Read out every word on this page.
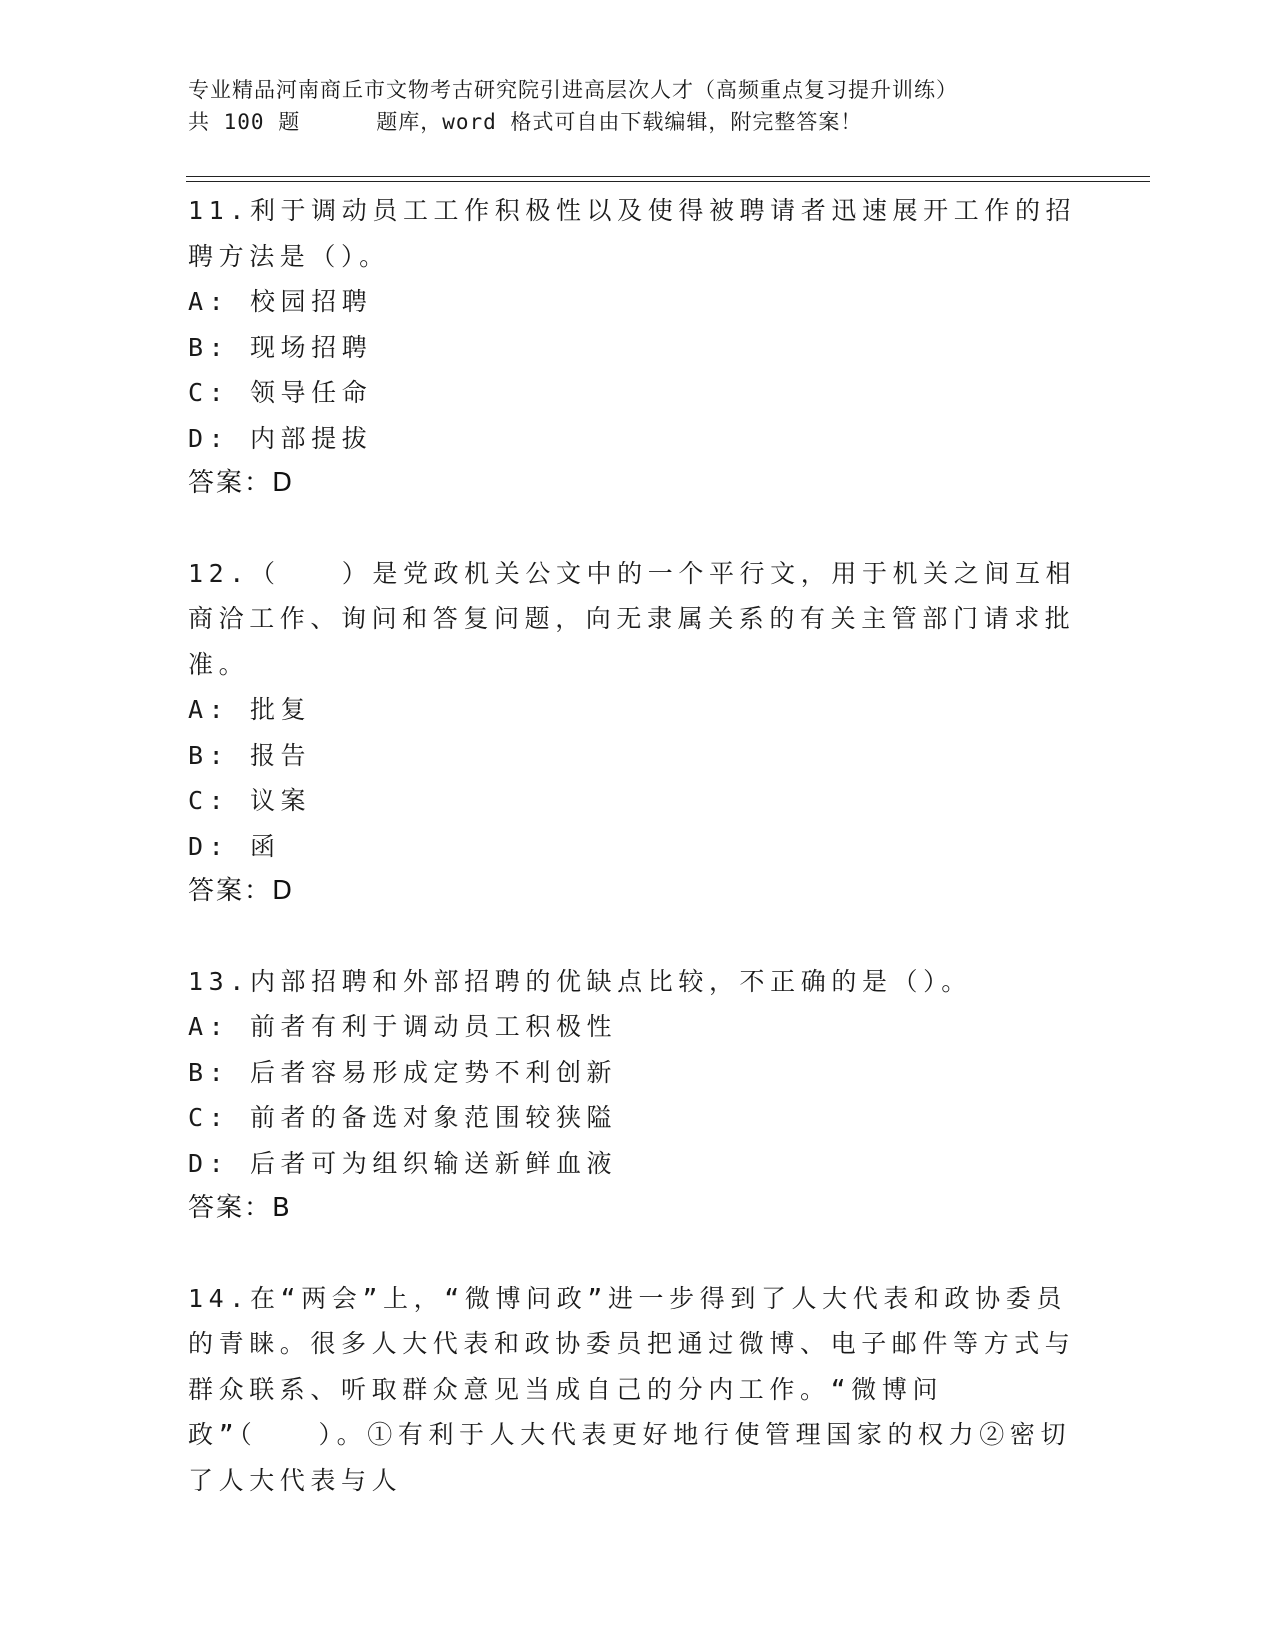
专业精品河南商丘市文物考古研究院引进高层次人才（高频重点复习提升训练）
共 100 题	题库，word 格式可自由下载编辑，附完整答案！

11.利于调动员工工作积极性以及使得被聘请者迅速展开工作的招聘方法是（）。

A: 校园招聘

B: 现场招聘

C: 领导任命

D: 内部提拔

答案：D

12.（　　）是党政机关公文中的一个平行文，用于机关之间互相商洽工作、询问和答复问题，向无隶属关系的有关主管部门请求批准。

A: 批复

B: 报告

C: 议案

D: 函

答案：D

13.内部招聘和外部招聘的优缺点比较，不正确的是（）。

A: 前者有利于调动员工积极性

B: 后者容易形成定势不利创新

C: 前者的备选对象范围较狭隘

D: 后者可为组织输送新鲜血液

答案：B

14.在“两会”上，“微博问政”进一步得到了人大代表和政协委员的青睐。很多人大代表和政协委员把通过微博、电子邮件等方式与群众联系、听取群众意见当成自己的分内工作。“微博问政”（　　）。①有利于人大代表更好地行使管理国家的权力②密切了人大代表与人
